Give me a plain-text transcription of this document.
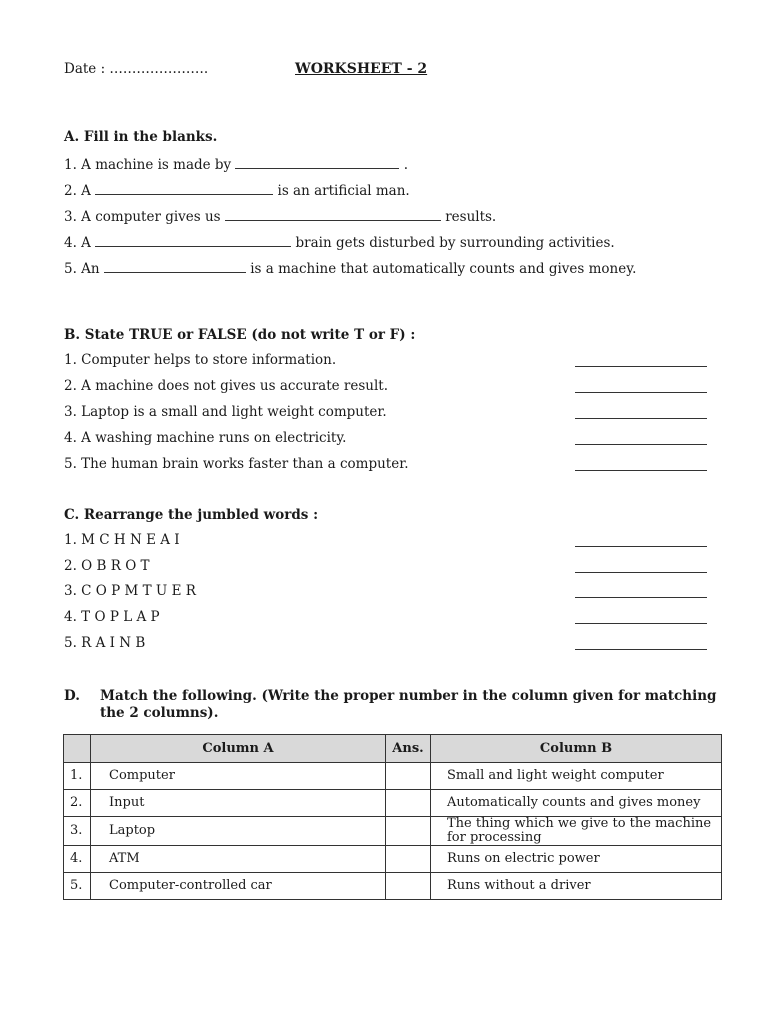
Date : ………………….	WORKSHEET - 2
A. Fill in the blanks.
1. A machine is made by	.
2. A	is an artificial man.
3. A computer gives us	results.
4. A	brain gets disturbed by surrounding activities.
5. An	is a machine that automatically counts and gives money.
B. State TRUE or FALSE (do not write T or F) :
1. Computer helps to store information.
2. A machine does not gives us accurate result.
3. Laptop is a small and light weight computer.
4. A washing machine runs on electricity.
5. The human brain works faster than a computer.
C. Rearrange the jumbled words :
1. M C H N E A I
2. O B R O T
3. C O P M T U E R
4. T O P L A P
5. R A I N B
D. Match the following. (Write the proper number in the column given for matching
the 2 columns).
	Column A	Ans.	Column B
1.	Computer		Small and light weight computer
2.	Input		Automatically counts and gives money
3.	Laptop		The thing which we give to the machine for processing
4.	ATM		Runs on electric power
5.	Computer-controlled car		Runs without a driver
